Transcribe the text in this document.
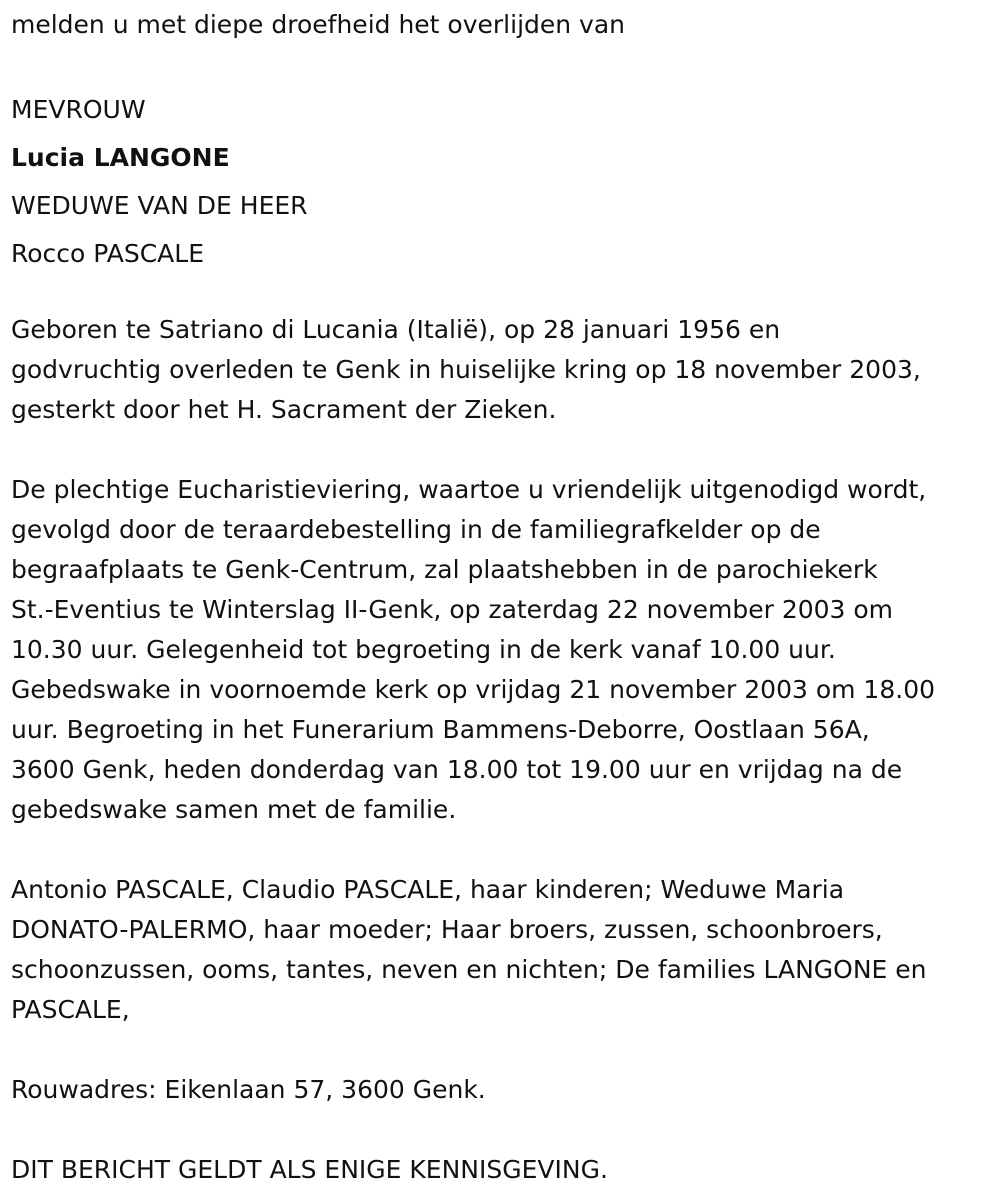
melden u met diepe droefheid het overlijden van

MEVROUW

Lucia LANGONE

WEDUWE VAN DE HEER

Rocco PASCALE

Geboren te Satriano di Lucania (Italië), op 28 januari 1956 en

godvruchtig overleden te Genk in huiselijke kring op 18 november 2003,

gesterkt door het H. Sacrament der Zieken.

De plechtige Eucharistieviering, waartoe u vriendelijk uitgenodigd wordt,

gevolgd door de teraardebestelling in de familiegrafkelder op de

begraafplaats te Genk-Centrum, zal plaatshebben in de parochiekerk

St.-Eventius te Winterslag II-Genk, op zaterdag 22 november 2003 om

10.30 uur. Gelegenheid tot begroeting in de kerk vanaf 10.00 uur.

Gebedswake in voornoemde kerk op vrijdag 21 november 2003 om 18.00

uur. Begroeting in het Funerarium Bammens-Deborre, Oostlaan 56A,

3600 Genk, heden donderdag van 18.00 tot 19.00 uur en vrijdag na de

gebedswake samen met de familie.

Antonio PASCALE, Claudio PASCALE, haar kinderen; Weduwe Maria

DONATO-PALERMO, haar moeder; Haar broers, zussen, schoonbroers,

schoonzussen, ooms, tantes, neven en nichten; De families LANGONE en

PASCALE,

Rouwadres: Eikenlaan 57, 3600 Genk.

DIT BERICHT GELDT ALS ENIGE KENNISGEVING.
